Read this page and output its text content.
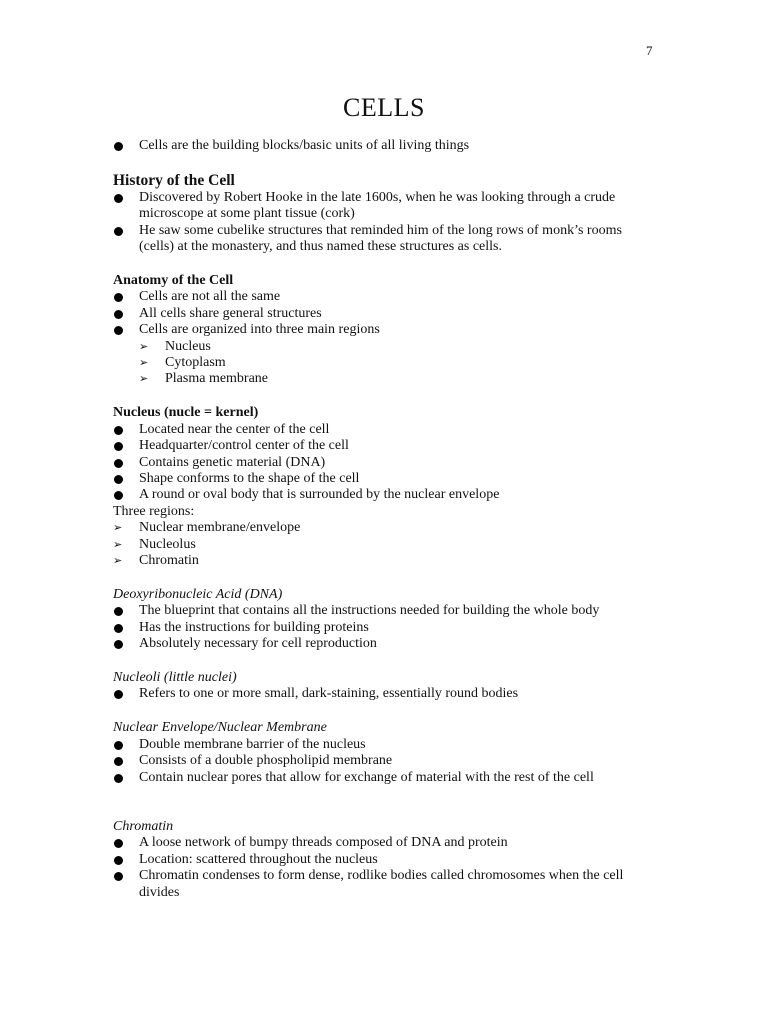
7
CELLS
Cells are the building blocks/basic units of all living things
History of the Cell
Discovered by Robert Hooke in the late 1600s, when he was looking through a crude microscope at some plant tissue (cork)
He saw some cubelike structures that reminded him of the long rows of monk’s rooms (cells) at the monastery, and thus named these structures as cells.
Anatomy of the Cell
Cells are not all the same
All cells share general structures
Cells are organized into three main regions
➢ Nucleus
➢ Cytoplasm
➢ Plasma membrane
Nucleus (nucle = kernel)
Located near the center of the cell
Headquarter/control center of the cell
Contains genetic material (DNA)
Shape conforms to the shape of the cell
A round or oval body that is surrounded by the nuclear envelope
Three regions:
➢ Nuclear membrane/envelope
➢ Nucleolus
➢ Chromatin
Deoxyribonucleic Acid (DNA)
The blueprint that contains all the instructions needed for building the whole body
Has the instructions for building proteins
Absolutely necessary for cell reproduction
Nucleoli (little nuclei)
Refers to one or more small, dark-staining, essentially round bodies
Nuclear Envelope/Nuclear Membrane
Double membrane barrier of the nucleus
Consists of a double phospholipid membrane
Contain nuclear pores that allow for exchange of material with the rest of the cell
Chromatin
A loose network of bumpy threads composed of DNA and protein
Location: scattered throughout the nucleus
Chromatin condenses to form dense, rodlike bodies called chromosomes when the cell divides
